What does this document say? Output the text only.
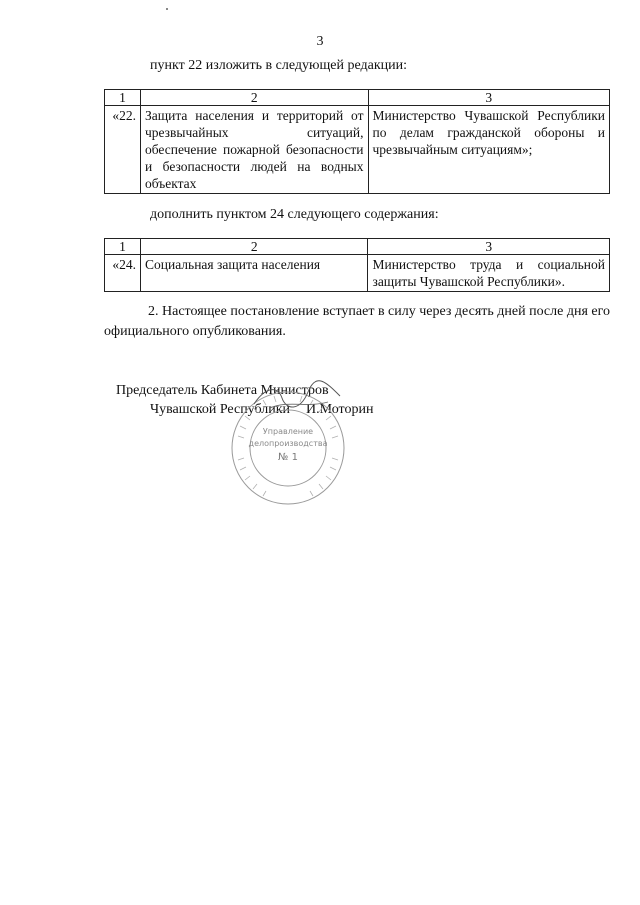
3
пункт 22 изложить в следующей редакции:
1	2	3
«22.	Защита населения и территорий от чрезвычайных ситуаций, обеспечение пожарной безопасности и безопасности людей на водных объектах	Министерство Чувашской Республики по делам гражданской обороны и чрезвычайным ситуациям»;
дополнить пунктом 24 следующего содержания:
1	2	3
«24.	Социальная защита населения	Министерство труда и социальной защиты Чувашской Республики».
2. Настоящее постановление вступает в силу через десять дней после дня его официального опубликования.
Председатель Кабинета Министров
Чувашской Республики И.Моторин
Управление
делопроизводства
№ 1
